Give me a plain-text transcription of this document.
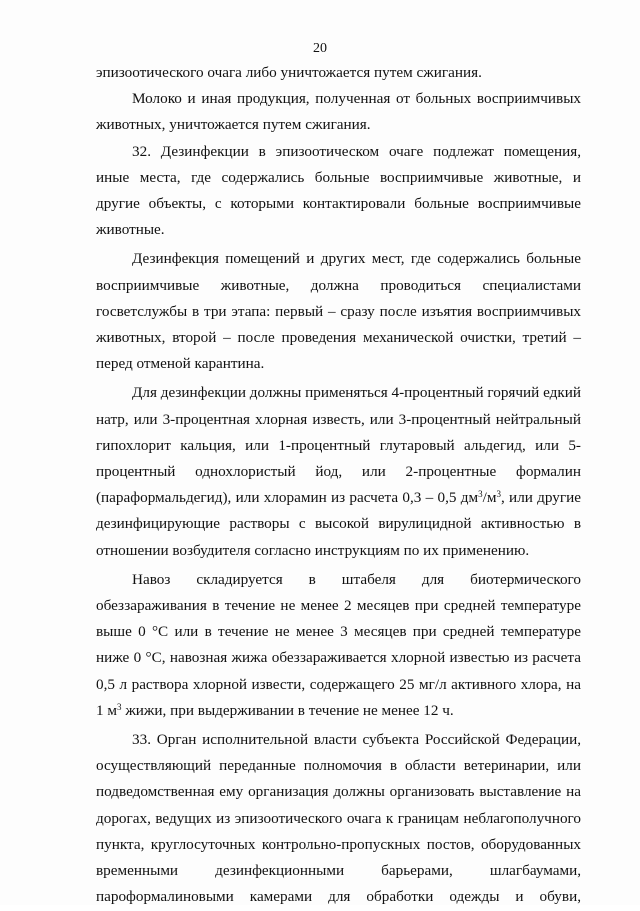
20

эпизоотического очага либо уничтожается путем сжигания.

Молоко и иная продукция, полученная от больных восприимчивых животных, уничтожается путем сжигания.

32. Дезинфекции в эпизоотическом очаге подлежат помещения, иные места, где содержались больные восприимчивые животные, и другие объекты, с которыми контактировали больные восприимчивые животные.

Дезинфекция помещений и других мест, где содержались больные восприимчивые животные, должна проводиться специалистами госветслужбы в три этапа: первый – сразу после изъятия восприимчивых животных, второй – после проведения механической очистки, третий – перед отменой карантина.

Для дезинфекции должны применяться 4-процентный горячий едкий натр, или 3-процентная хлорная известь, или 3-процентный нейтральный гипохлорит кальция, или 1-процентный глутаровый альдегид, или 5-процентный однохлористый йод, или 2-процентные формалин (параформальдегид), или хлорамин из расчета 0,3 – 0,5 $дм^3/м^3$, или другие дезинфицирующие растворы с высокой вирулицидной активностью в отношении возбудителя согласно инструкциям по их применению.

Навоз складируется в штабеля для биотермического обеззараживания в течение не менее 2 месяцев при средней температуре выше 0 °C или в течение не менее 3 месяцев при средней температуре ниже 0 °C, навозная жижа обеззараживается хлорной известью из расчета 0,5 л раствора хлорной извести, содержащего 25 мг/л активного хлора, на 1 $м^3$ жижи, при выдерживании в течение не менее 12 ч.

33. Орган исполнительной власти субъекта Российской Федерации, осуществляющий переданные полномочия в области ветеринарии, или подведомственная ему организация должны организовать выставление на дорогах, ведущих из эпизоотического очага к границам неблагополучного пункта, круглосуточных контрольно-пропускных постов, оборудованных временными дезинфекционными барьерами, шлагбаумами, пароформалиновыми камерами для обработки одежды и обуви,
